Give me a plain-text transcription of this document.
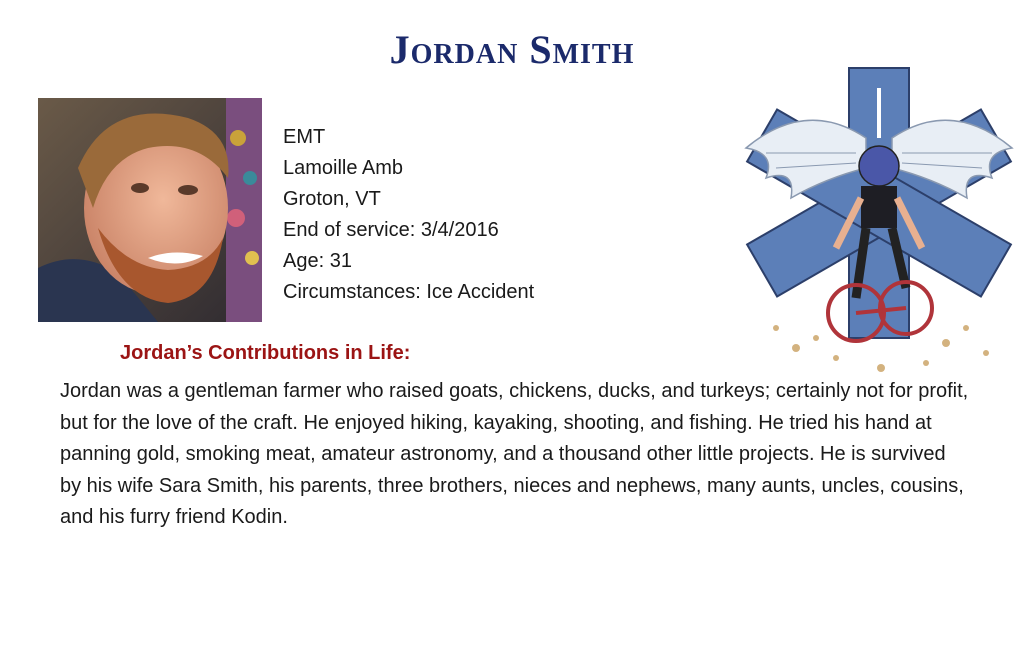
Jordan Smith
EMT
Lamoille Amb
Groton, VT
End of service: 3/4/2016
Age: 31
Circumstances: Ice Accident
Jordan’s Contributions in Life:

Jordan was a gentleman farmer who raised goats, chickens, ducks, and turkeys; certainly not for profit, but for the love of the craft. He enjoyed hiking, kayaking, shooting, and fishing. He tried his hand at panning gold, smoking meat, amateur astronomy, and a thousand other little projects. He is survived by his wife Sara Smith, his parents, three brothers, nieces and nephews, many aunts, uncles, cousins, and his furry friend Kodin.
